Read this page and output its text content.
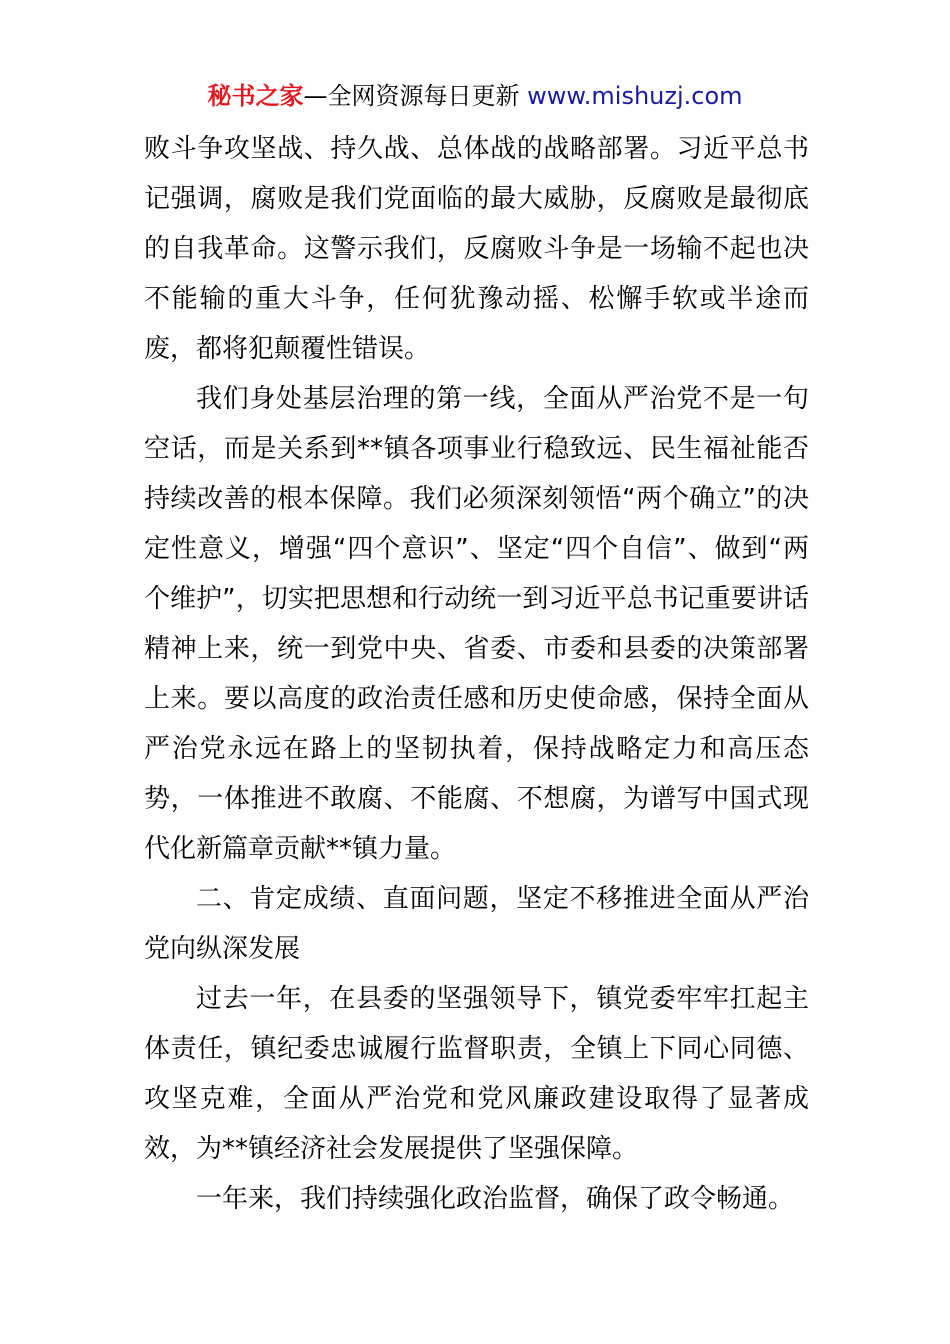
秘书之家—全网资源每日更新 www.mishuzj.com

败斗争攻坚战、持久战、总体战的战略部署。习近平总书记强调，腐败是我们党面临的最大威胁，反腐败是最彻底的自我革命。这警示我们，反腐败斗争是一场输不起也决不能输的重大斗争，任何犹豫动摇、松懈手软或半途而废，都将犯颠覆性错误。

我们身处基层治理的第一线，全面从严治党不是一句空话，而是关系到**镇各项事业行稳致远、民生福祉能否持续改善的根本保障。我们必须深刻领悟“两个确立”的决定性意义，增强“四个意识”、坚定“四个自信”、做到“两个维护”，切实把思想和行动统一到习近平总书记重要讲话精神上来，统一到党中央、省委、市委和县委的决策部署上来。要以高度的政治责任感和历史使命感，保持全面从严治党永远在路上的坚韧执着，保持战略定力和高压态势，一体推进不敢腐、不能腐、不想腐，为谱写中国式现代化新篇章贡献**镇力量。

二、肯定成绩、直面问题，坚定不移推进全面从严治党向纵深发展

过去一年，在县委的坚强领导下，镇党委牢牢扛起主体责任，镇纪委忠诚履行监督职责，全镇上下同心同德、攻坚克难，全面从严治党和党风廉政建设取得了显著成效，为**镇经济社会发展提供了坚强保障。

一年来，我们持续强化政治监督，确保了政令畅通。
